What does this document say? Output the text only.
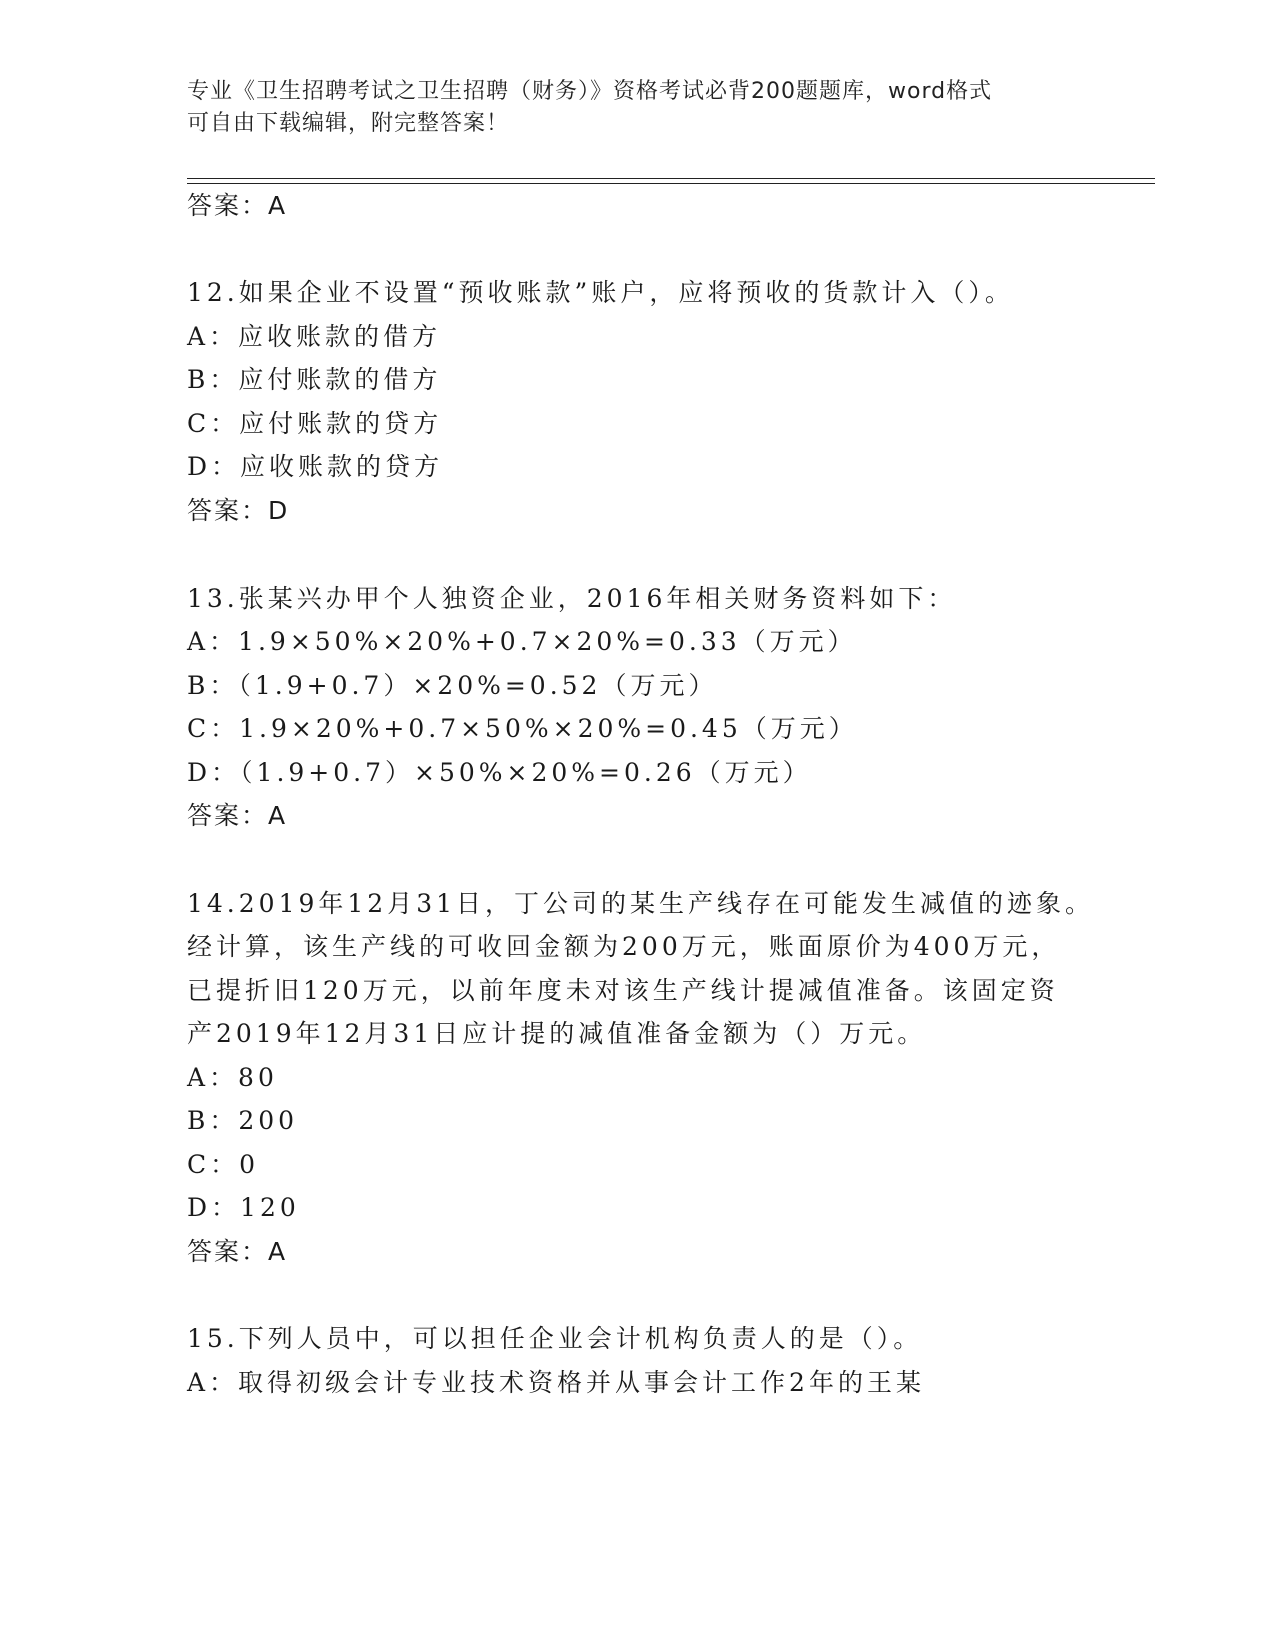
专业《卫生招聘考试之卫生招聘（财务）》资格考试必背200题题库，word格式
可自由下载编辑，附完整答案！
答案：A
12.如果企业不设置“预收账款”账户，应将预收的货款计入（）。
A：应收账款的借方
B：应付账款的借方
C：应付账款的贷方
D：应收账款的贷方
答案：D
13.张某兴办甲个人独资企业，2016年相关财务资料如下：
A：1.9×50%×20%+0.7×20%=0.33（万元）
B：（1.9+0.7）×20%=0.52（万元）
C：1.9×20%+0.7×50%×20%=0.45（万元）
D：（1.9+0.7）×50%×20%=0.26（万元）
答案：A
14.2019年12月31日，丁公司的某生产线存在可能发生减值的迹象。
经计算，该生产线的可收回金额为200万元，账面原价为400万元，
已提折旧120万元，以前年度未对该生产线计提减值准备。该固定资
产2019年12月31日应计提的减值准备金额为（）万元。
A：80
B：200
C：0
D：120
答案：A
15.下列人员中，可以担任企业会计机构负责人的是（）。
A：取得初级会计专业技术资格并从事会计工作2年的王某
